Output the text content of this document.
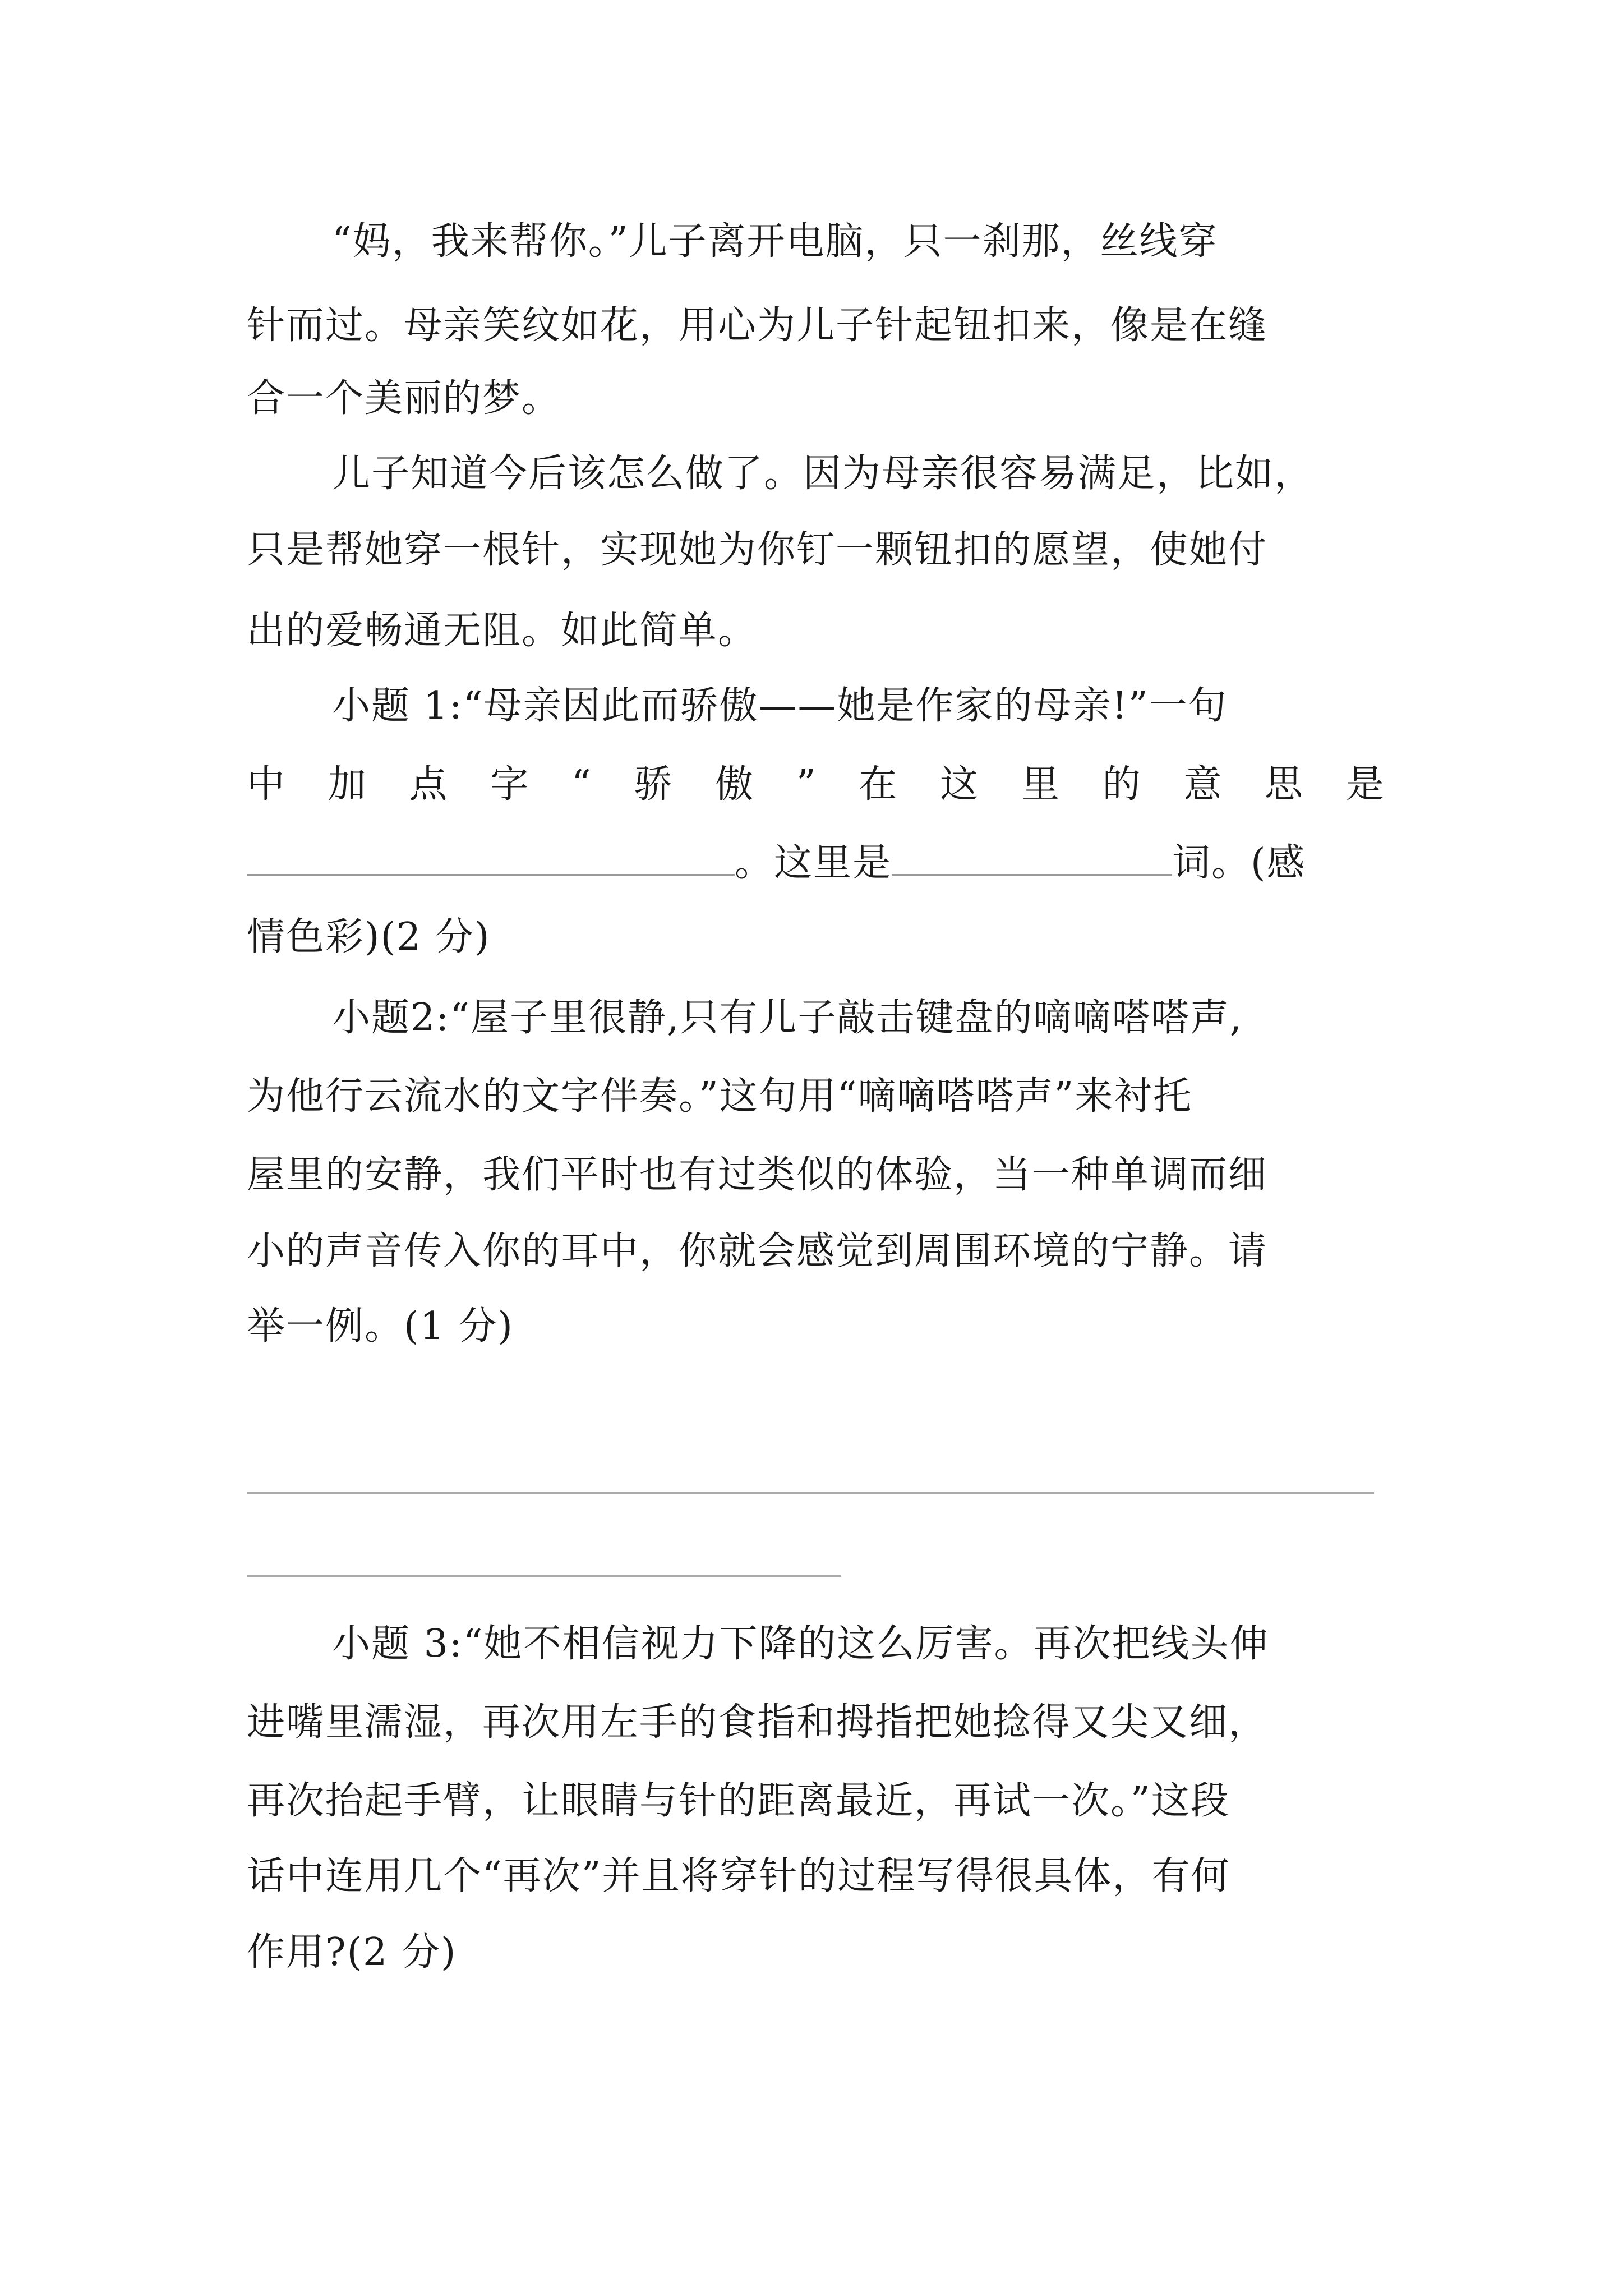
“妈，我来帮你。”儿子离开电脑，只一刹那，丝线穿
针而过。母亲笑纹如花，用心为儿子针起钮扣来，像是在缝
合一个美丽的梦。
儿子知道今后该怎么做了。因为母亲很容易满足，比如，
只是帮她穿一根针，实现她为你钉一颗钮扣的愿望，使她付
出的爱畅通无阻。如此简单。
小题 1:“母亲因此而骄傲——她是作家的母亲!”一句
中 加 点 字 “ 骄 傲 ” 在 这 里 的 意 思 是
。这里是	词。(感
情色彩)(2 分)
小题2:“屋子里很静,只有儿子敲击键盘的嘀嘀嗒嗒声,
为他行云流水的文字伴奏。”这句用“嘀嘀嗒嗒声”来衬托
屋里的安静，我们平时也有过类似的体验，当一种单调而细
小的声音传入你的耳中，你就会感觉到周围环境的宁静。请
举一例。(1 分)
小题 3:“她不相信视力下降的这么厉害。再次把线头伸
进嘴里濡湿，再次用左手的食指和拇指把她捻得又尖又细，
再次抬起手臂，让眼睛与针的距离最近，再试一次。”这段
话中连用几个“再次”并且将穿针的过程写得很具体，有何
作用?(2 分)
